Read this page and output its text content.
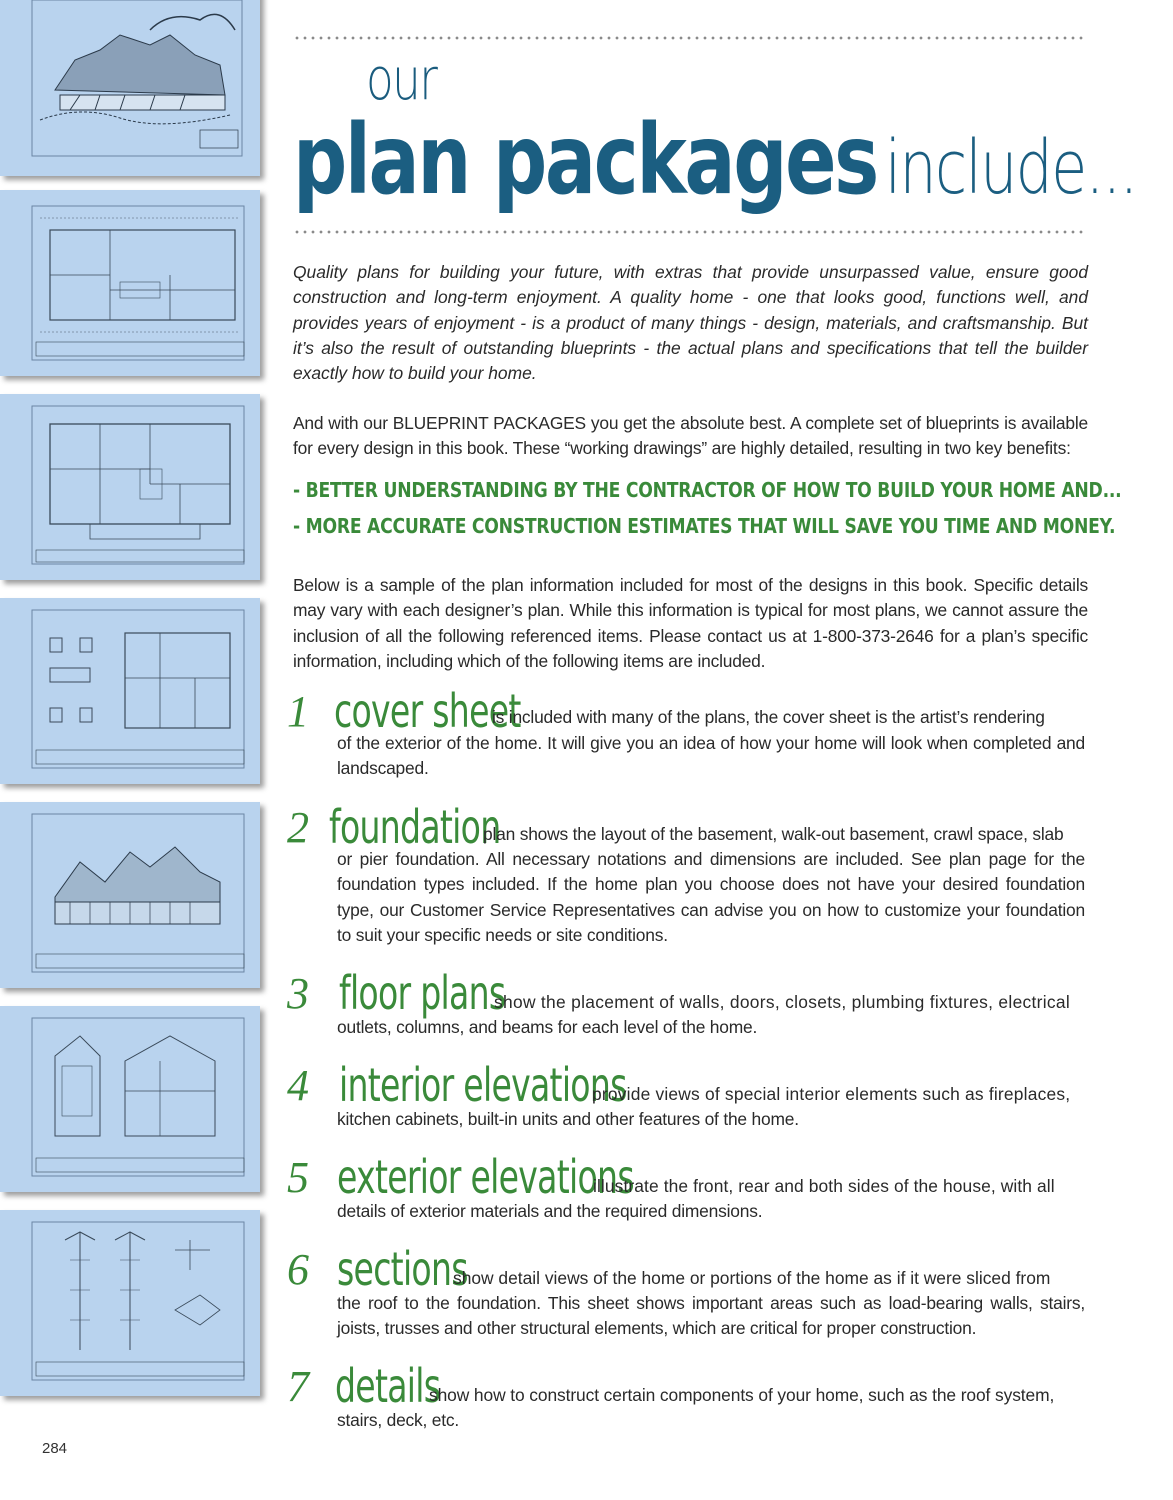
our
plan packages include...

Quality plans for building your future, with extras that provide unsurpassed value, ensure good construction and long-term enjoyment. A quality home - one that looks good, functions well, and provides years of enjoyment - is a product of many things - design, materials, and craftsmanship. But it’s also the result of outstanding blueprints - the actual plans and specifications that tell the builder exactly how to build your home.

And with our BLUEPRINT PACKAGES you get the absolute best. A complete set of blueprints is available for every design in this book. These “working drawings” are highly detailed, resulting in two key benefits:

- BETTER UNDERSTANDING BY THE CONTRACTOR OF HOW TO BUILD YOUR HOME AND...
- MORE ACCURATE CONSTRUCTION ESTIMATES THAT WILL SAVE YOU TIME AND MONEY.

Below is a sample of the plan information included for most of the designs in this book. Specific details may vary with each designer’s plan. While this information is typical for most plans, we cannot assure the inclusion of all the following referenced items. Please contact us at 1-800-373-2646 for a plan’s specific information, including which of the following items are included.

1 cover sheet
is included with many of the plans, the cover sheet is the artist’s rendering

of the exterior of the home. It will give you an idea of how your home will look when completed and landscaped.

2 foundation
plan shows the layout of the basement, walk-out basement, crawl space, slab

or pier foundation. All necessary notations and dimensions are included. See plan page for the foundation types included. If the home plan you choose does not have your desired foundation type, our Customer Service Representatives can advise you on how to customize your foundation to suit your specific needs or site conditions.

3 floor plans
show the placement of walls, doors, closets, plumbing fixtures, electrical

outlets, columns, and beams for each level of the home.

4 interior elevations
provide views of special interior elements such as fireplaces,

kitchen cabinets, built-in units and other features of the home.

5 exterior elevations
illustrate the front, rear and both sides of the house, with all

details of exterior materials and the required dimensions.

6 sections
show detail views of the home or portions of the home as if it were sliced from

the roof to the foundation. This sheet shows important areas such as load-bearing walls, stairs, joists, trusses and other structural elements, which are critical for proper construction.

7 details
show how to construct certain components of your home, such as the roof system,

stairs, deck, etc.

284
